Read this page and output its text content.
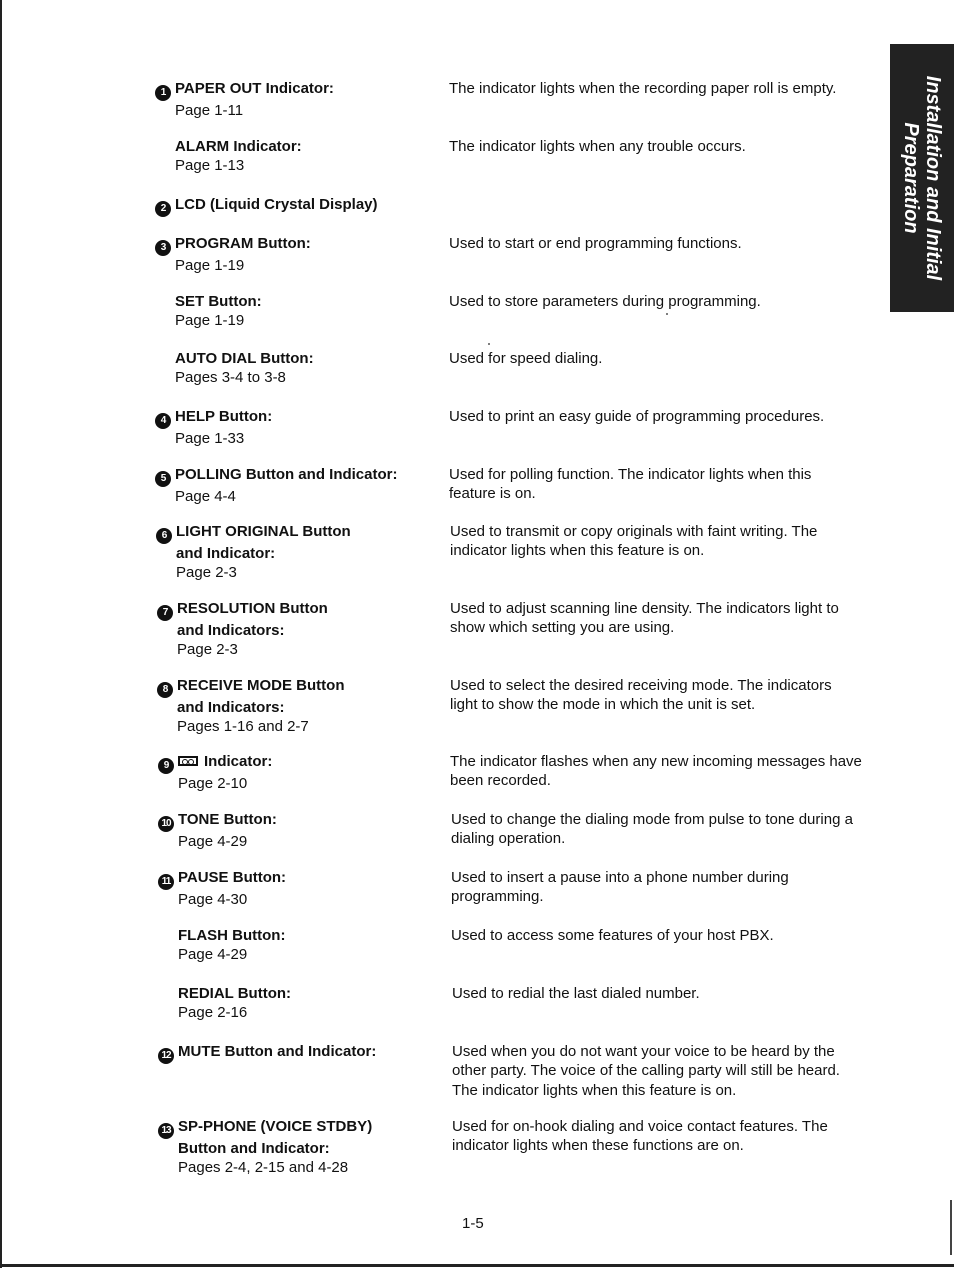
Installation and Initial
Preparation
1 PAPER OUT Indicator:
Page 1-11
The indicator lights when the recording paper roll is empty.
ALARM Indicator:
Page 1-13
The indicator lights when any trouble occurs.
2 LCD (Liquid Crystal Display)
3 PROGRAM Button:
Page 1-19
Used to start or end programming functions.
SET Button:
Page 1-19
Used to store parameters during programming.
AUTO DIAL Button:
Pages 3-4 to 3-8
Used for speed dialing.
4 HELP Button:
Page 1-33
Used to print an easy guide of programming procedures.
5 POLLING Button and Indicator:
Page 4-4
Used for polling function. The indicator lights when this feature is on.
6 LIGHT ORIGINAL Button
and Indicator:
Page 2-3
Used to transmit or copy originals with faint writing. The indicator lights when this feature is on.
7 RESOLUTION Button
and Indicators:
Page 2-3
Used to adjust scanning line density. The indicators light to show which setting you are using.
8 RECEIVE MODE Button
and Indicators:
Pages 1-16 and 2-7
Used to select the desired receiving mode. The indicators light to show the mode in which the unit is set.
9 Indicator:
Page 2-10
The indicator flashes when any new incoming messages have been recorded.
10 TONE Button:
Page 4-29
Used to change the dialing mode from pulse to tone during a dialing operation.
11 PAUSE Button:
Page 4-30
Used to insert a pause into a phone number during programming.
FLASH Button:
Page 4-29
Used to access some features of your host PBX.
REDIAL Button:
Page 2-16
Used to redial the last dialed number.
12 MUTE Button and Indicator:	Used when you do not want your voice to be heard by the other party. The voice of the calling party will still be heard. The indicator lights when this feature is on.
13 SP-PHONE (VOICE STDBY)
Button and Indicator:
Pages 2-4, 2-15 and 4-28
Used for on-hook dialing and voice contact features. The indicator lights when these functions are on.
1-5
